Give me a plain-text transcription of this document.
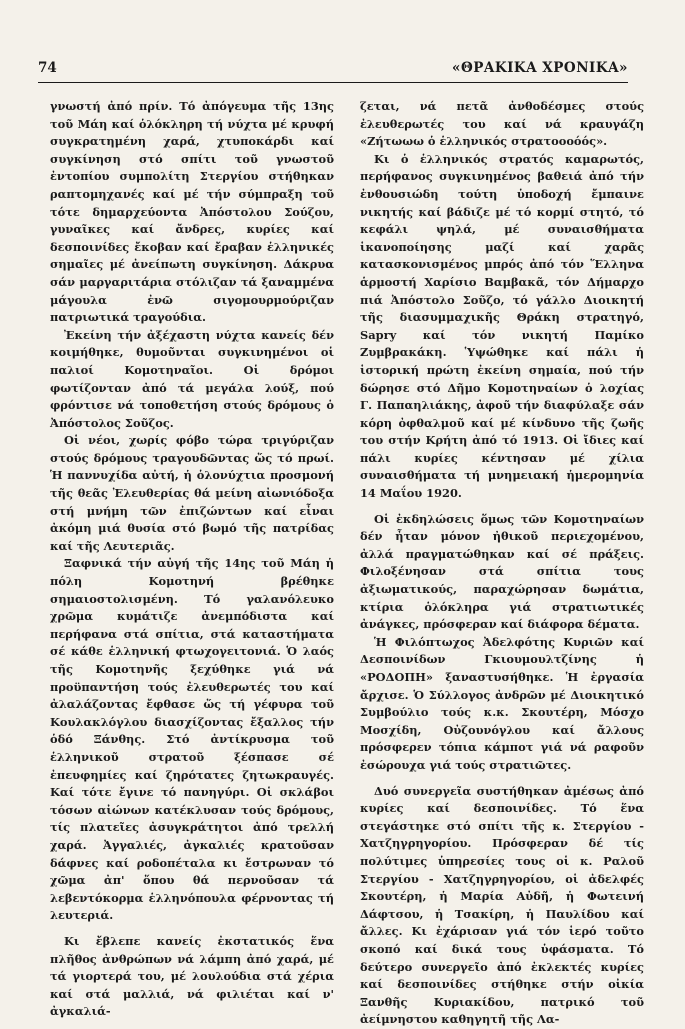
74	«ΘΡΑΚΙΚΑ ΧΡΟΝΙΚΑ»

γνωστή ἀπό πρίν. Τό ἀπόγευμα τῆς 13ης τοῦ Μάη καί ὁλόκληρη τή νύχτα μέ κρυφή συγκρατημένη χαρά, χτυποκάρδι καί συγκίνηση στό σπίτι τοῦ γνωστοῦ ἐντοπίου συμπολίτη Στεργίου στήθηκαν ραπτομηχανές καί μέ τήν σύμπραξη τοῦ τότε δημαρχεύοντα Ἀπόστολου Σούζου, γυναῖκες καί ἄνδρες, κυρίες καί δεσποινίδες ἔκοβαν καί ἔραβαν ἑλληνικές σημαῖες μέ ἀνείπωτη συγκίνηση. Δάκρυα σάν μαργαριτάρια στόλιζαν τά ξαναμμένα μάγουλα ἐνῶ σιγομουρμούριζαν πατριωτικά τραγούδια.

Ἐκείνη τήν ἀξέχαστη νύχτα κανείς δέν κοιμήθηκε, θυμοῦνται συγκινημένοι οἱ παλιοί Κομοτηναῖοι. Οἱ δρόμοι φωτίζονταν ἀπό τά μεγάλα λούξ, πού φρόντισε νά τοποθετήση στούς δρόμους ὁ Ἀπόστολος Σοῦζος.

Οἱ νέοι, χωρίς φόβο τώρα τριγύριζαν στούς δρόμους τραγουδῶντας ὥς τό πρωί. Ἡ παννυχίδα αὐτή, ἡ ὁλονύχτια προσμονή τῆς θεᾶς Ἐλευθερίας θά μείνη αἰωνιόδοξα στή μνήμη τῶν ἐπιζώντων καί εἶναι ἀκόμη μιά θυσία στό βωμό τῆς πατρίδας καί τῆς Λευτεριᾶς.

Ξαφνικά τήν αὐγή τῆς 14ης τοῦ Μάη ἡ πόλη Κομοτηνή βρέθηκε σημαιοστολισμένη. Τό γαλανόλευκο χρῶμα κυμάτιζε ἀνεμπόδιστα καί περήφανα στά σπίτια, στά καταστήματα σέ κάθε ἑλληνική φτωχογειτονιά. Ὁ λαός τῆς Κομοτηνῆς ξεχύθηκε γιά νά προϋπαντήση τούς ἐλευθερωτές του καί ἀλαλάζοντας ἔφθασε ὥς τή γέφυρα τοῦ Κουλακλόγλου διασχίζοντας ἔξαλλος τήν ὁδό Ξάνθης. Στό ἀντίκρυσμα τοῦ ἑλληνικοῦ στρατοῦ ξέσπασε σέ ἐπευφημίες καί ζηρότατες ζητωκραυγές. Καί τότε ἔγινε τό πανηγύρι. Οἱ σκλάβοι τόσων αἰώνων κατέκλυσαν τούς δρόμους, τίς πλατεῖες ἀσυγκράτητοι ἀπό τρελλή χαρά. Ἀγγαλιές, ἀγκαλιές κρατοῦσαν δάφνες καί ροδοπέταλα κι ἔστρωναν τό χῶμα ἀπ' ὅπου θά περνοῦσαν τά λεβεντόκορμα ἑλληνόπουλα φέρνοντας τή λευτεριά.

Κι ἔβλεπε κανείς ἐκστατικός ἕνα πλῆθος ἀνθρώπων νά λάμπη ἀπό χαρά, μέ τά γιορτερά του, μέ λουλούδια στά χέρια καί στά μαλλιά, νά φιλιέται καί ν' ἀγκαλιά-

ζεται, νά πετᾶ ἀνθοδέσμες στούς ἐλευθερωτές του καί νά κραυγάζη «Ζήτωωω ὁ ἑλληνικός στρατοοοόός».

Κι ὁ ἑλληνικός στρατός καμαρωτός, περήφανος συγκινημένος βαθειά ἀπό τήν ἐνθουσιώδη τούτη ὑποδοχή ἔμπαινε νικητής καί βάδιζε μέ τό κορμί στητό, τό κεφάλι ψηλά, μέ συναισθήματα ἱκανοποίησης μαζί καί χαρᾶς κατασκονισμένος μπρός ἀπό τόν Ἕλληνα ἁρμοστή Χαρίσιο Βαμβακᾶ, τόν Δήμαρχο πιά Ἀπόστολο Σοῦζο, τό γάλλο Διοικητή τῆς διασυμμαχικῆς Θράκη στρατηγό, Sapry καί τόν νικητή Παμίκο Ζυμβρακάκη. Ὑψώθηκε καί πάλι ἡ ἱστορική πρώτη ἐκείνη σημαία, πού τήν δώρησε στό Δῆμο Κομοτηναίων ὁ λοχίας Γ. Παπαηλιάκης, ἀφοῦ τήν διαφύλαξε σάν κόρη ὀφθαλμοῦ καί μέ κίνδυνο τῆς ζωῆς του στήν Κρήτη ἀπό τό 1913. Οἱ ἴδιες καί πάλι κυρίες κέντησαν μέ χίλια συναισθήματα τή μνημειακή ἡμερομηνία 14 Μαΐου 1920.

Οἱ ἐκδηλώσεις ὅμως τῶν Κομοτηναίων δέν ἦταν μόνον ἠθικοῦ περιεχομένου, ἀλλά πραγματώθηκαν καί σέ πράξεις. Φιλοξένησαν στά σπίτια τους ἀξιωματικούς, παραχώρησαν δωμάτια, κτίρια ὁλόκληρα γιά στρατιωτικές ἀνάγκες, πρόσφεραν καί διάφορα δέματα.

Ἡ Φιλόπτωχος Ἀδελφότης Κυριῶν καί Δεσποινίδων Γκιουμουλτζίνης ἡ «ΡΟΔΟΠΗ» ξαναστυσήθηκε. Ἡ ἐργασία ἄρχισε. Ὁ Σύλλογος ἀνδρῶν μέ Διοικητικό Συμβούλιο τούς κ.κ. Σκουτέρη, Μόσχο Μοσχίδη, Οὐζουνόγλου καί ἄλλους πρόσφερεν τόπια κάμποτ γιά νά ραφοῦν ἐσώρουχα γιά τούς στρατιῶτες.

Δυό συνεργεῖα συστήθηκαν ἀμέσως ἀπό κυρίες καί δεσποινίδες. Τό ἕνα στεγάστηκε στό σπίτι τῆς κ. Στεργίου - Χατζηγρηγορίου. Πρόσφεραν δέ τίς πολύτιμες ὑπηρεσίες τους οἱ κ. Ραλοῦ Στεργίου - Χατζηγρηγορίου, οἱ ἀδελφές Σκουτέρη, ἡ Μαρία Αὐδῆ, ἡ Φωτεινή Δάφτσου, ἡ Τσακίρη, ἡ Παυλίδου καί ἄλλες. Κι ἐχάρισαν γιά τόν ἱερό τοῦτο σκοπό καί δικά τους ὑφάσματα. Τό δεύτερο συνεργεῖο ἀπό ἐκλεκτές κυρίες καί δεσποινίδες στήθηκε στήν οἰκία Ξανθῆς Κυριακίδου, πατρικό τοῦ ἀείμνηστου καθηγητῆ τῆς Λα-
